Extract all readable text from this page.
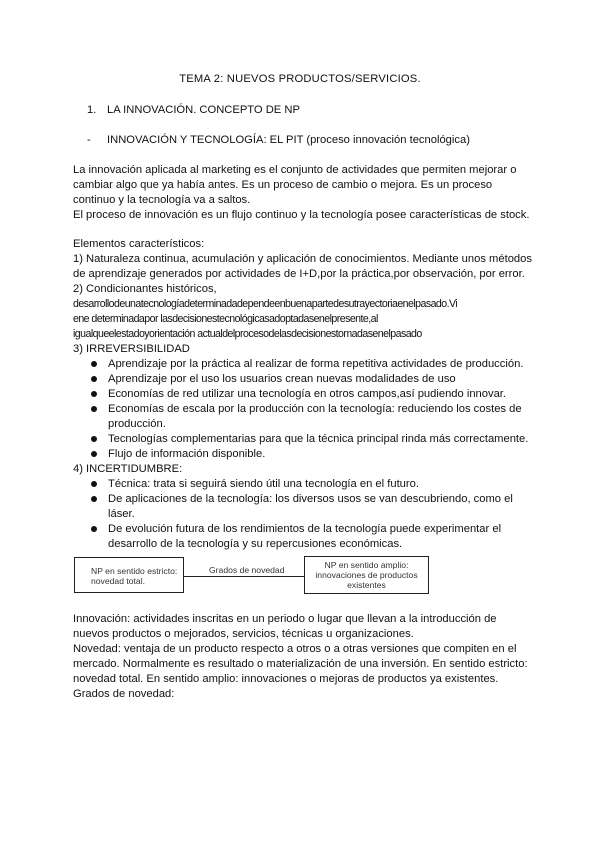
TEMA 2: NUEVOS PRODUCTOS/SERVICIOS.
1. LA INNOVACIÓN. CONCEPTO DE NP
- INNOVACIÓN Y TECNOLOGÍA: EL PIT (proceso innovación tecnológica)
La innovación aplicada al marketing es el conjunto de actividades que permiten mejorar o
cambiar algo que ya había antes. Es un proceso de cambio o mejora. Es un proceso
continuo y la tecnología va a saltos.
El proceso de innovación es un flujo continuo y la tecnología posee características de stock.
Elementos característicos:
1) Naturaleza continua, acumulación y aplicación de conocimientos. Mediante unos métodos
de aprendizaje generados por actividades de I+D,por la práctica,por observación, por error.
2) Condicionantes históricos,
desarrollodeunatecnologíadeterminadadependeenbuenapartedesutrayectoriaenelpasado.Vi
ene determinadapor lasdecisionestecnológicasadoptadasenelpresente,al
igualqueelestadoyorientación actualdelprocesodelasdecisionestomadasenelpasado
3) IRREVERSIBILIDAD
Aprendizaje por la práctica al realizar de forma repetitiva actividades de producción.
Aprendizaje por el uso los usuarios crean nuevas modalidades de uso
Economías de red utilizar una tecnología en otros campos,así pudiendo innovar.
Economías de escala por la producción con la tecnología: reduciendo los costes de
producción.
Tecnologías complementarias para que la técnica principal rinda más correctamente.
Flujo de información disponible.
4) INCERTIDUMBRE:
Técnica: trata si seguirá siendo útil una tecnología en el futuro.
De aplicaciones de la tecnología: los diversos usos se van descubriendo, como el
láser.
De evolución futura de los rendimientos de la tecnología puede experimentar el
desarrollo de la tecnología y su repercusiones económicas.
NP en sentido estricto:
novedad total.
Grados de novedad	NP en sentido amplio:
innovaciones de productos
existentes
Innovación: actividades inscritas en un periodo o lugar que llevan a la introducción de
nuevos productos o mejorados, servicios, técnicas u organizaciones.
Novedad: ventaja de un producto respecto a otros o a otras versiones que compiten en el
mercado. Normalmente es resultado o materialización de una inversión. En sentido estricto:
novedad total. En sentido amplio: innovaciones o mejoras de productos ya existentes.
Grados de novedad:
